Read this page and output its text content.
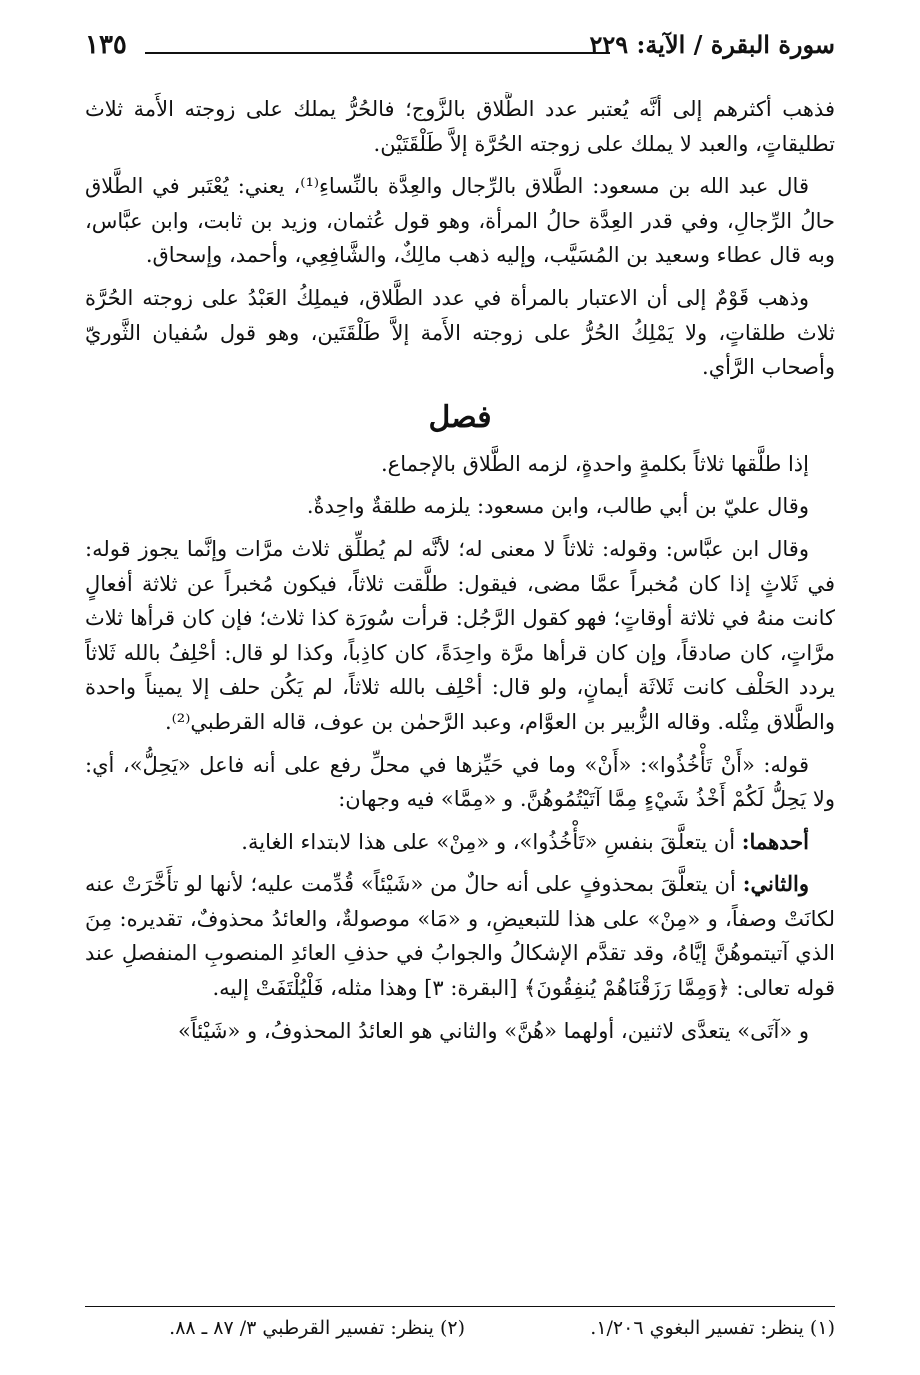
سورة البقرة / الآية: ٢٢٩
١٣٥

فذهب أكثرهم إلى أنَّه يُعتبر عدد الطَّلاق بالزَّوج؛ فالحُرُّ يملك على زوجته الأَمة ثلاث تطليقاتٍ، والعبد لا يملك على زوجته الحُرَّة إلاَّ طَلْقَتَيْن.

قال عبد الله بن مسعود: الطَّلاق بالرِّجال والعِدَّة بالنِّساءِ⁽¹⁾، يعني: يُعْتَبر في الطَّلاق حالُ الرِّجالِ، وفي قدر العِدَّة حالُ المرأة، وهو قول عُثمان، وزيد بن ثابت، وابن عبَّاس، وبه قال عطاء وسعيد بن المُسَيَّب، وإليه ذهب مالِكٌ، والشَّافِعِي، وأحمد، وإسحاق.

وذهب قَوْمٌ إلى أن الاعتبار بالمرأة في عدد الطَّلاق، فيملِكُ العَبْدُ على زوجته الحُرَّة ثلاث طلقاتٍ، ولا يَمْلِكُ الحُرُّ على زوجته الأَمة إلاَّ طَلْقَتَين، وهو قول سُفيان الثَّوريّ وأصحاب الرَّأي.

فصل

إذا طلَّقها ثلاثاً بكلمةٍ واحدةٍ، لزمه الطَّلاق بالإجماع.

وقال عليّ بن أبي طالب، وابن مسعود: يلزمه طلقةٌ واحِدةٌ.

وقال ابن عبَّاس: وقوله: ثلاثاً لا معنى له؛ لأنَّه لم يُطلِّق ثلاث مرَّات وإنَّما يجوز قوله: في ثَلاثٍ إذا كان مُخبراً عمَّا مضى، فيقول: طلَّقت ثلاثاً، فيكون مُخبراً عن ثلاثة أفعالٍ كانت منهُ في ثلاثة أوقاتٍ؛ فهو كقول الرَّجُل: قرأت سُورَة كذا ثلاث؛ فإن كان قرأها ثلاث مرَّاتٍ، كان صادقاً، وإن كان قرأها مرَّة واحِدَةً، كان كاذِباً، وكذا لو قال: أحْلِفُ بالله ثَلاثاً يردد الحَلْف كانت ثَلاثَة أيمانٍ، ولو قال: أحْلِف بالله ثلاثاً، لم يَكُن حلف إلا يميناً واحدة والطَّلاق مِثْله. وقاله الزُّبير بن العوَّام، وعبد الرَّحمٰن بن عوف، قاله القرطبي⁽²⁾.

قوله: «أَنْ تَأْخُذُوا»: «أَنْ» وما في حَيِّزها في محلِّ رفع على أنه فاعل «يَحِلُّ»، أي: ولا يَحِلُّ لَكُمْ أَخْذُ شَيْءٍ مِمَّا آتَيْتُمُوهُنَّ. و «مِمَّا» فيه وجهان:

أحدهما: أن يتعلَّقَ بنفسِ «تَأْخُذُوا»، و «مِنْ» على هذا لابتداء الغاية.

والثاني: أن يتعلَّقَ بمحذوفٍ على أنه حالٌ من «شَيْئاً» قُدِّمت عليه؛ لأنها لو تأَخَّرَتْ عنه لكانَتْ وصفاً، و «مِنْ» على هذا للتبعيضِ، و «مَا» موصولةٌ، والعائدُ محذوفٌ، تقديره: مِنَ الذي آتيتموهُنَّ إيَّاهُ، وقد تقدَّم الإشكالُ والجوابُ في حذفِ العائدِ المنصوبِ المنفصلِ عند قوله تعالى: ﴿وَمِمَّا رَزَقْنَاهُمْ يُنفِقُونَ﴾ [البقرة: ٣] وهذا مثله، فَلْيُلْتَفَتْ إليه.

و «آتَى» يتعدَّى لاثنين، أولهما «هُنَّ» والثاني هو العائدُ المحذوفُ، و «شَيْئاً»

(١) ينظر: تفسير البغوي ١/٢٠٦.
(٢) ينظر: تفسير القرطبي ٣/ ٨٧ ـ ٨٨.
